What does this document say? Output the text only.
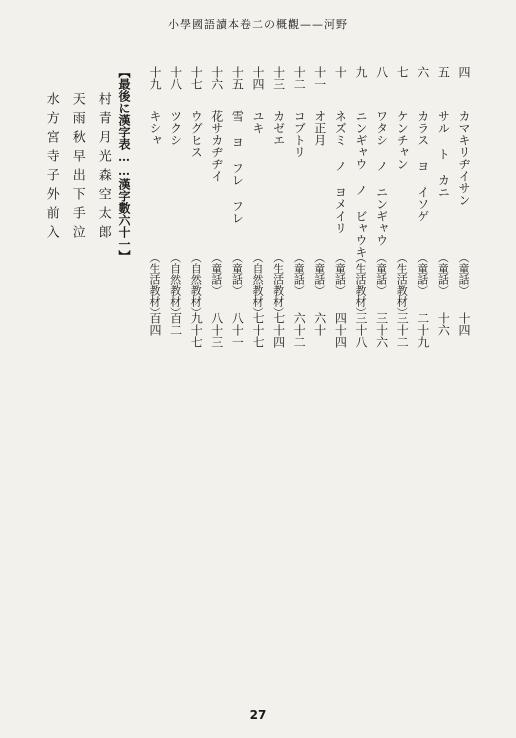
小學國語讀本卷二の概觀——河野
四
カマキリヂイサン
（童話）
十四
五
サル ト カニ
（童話）
十六
六
カラス ヨ イソゲ
（童話）
二十九
七
ケンチャン
（生活教材）
三十二
八
ワタシ ノ ニンギャウ
（童話）
三十六
九
ニンギャウ ノ ビャウキ
（生活教材）
三十八
十
ネズミ ノ ヨメイリ
（童話）
四十四
十一
オ正月
（童話）
六十
十二
コブトリ
（童話）
六十二
十三
カゼエ
（生活教材）
七十四
十四
ユキ
（自然教材）
七十七
十五
雪 ヨ フレ フレ
（童話）
八十一
十六
花サカヂヂイ
（童話）
八十三
十七
ウグヒス
（自然教材）
九十七
十八
ツクシ
（自然教材）
百二
十九
キシャ
（生活教材）
百四
【最後に漢字表……漢字數六十一】
村青月光森空太郎
天雨秋早出下手泣
水方宮寺子外前入
27
